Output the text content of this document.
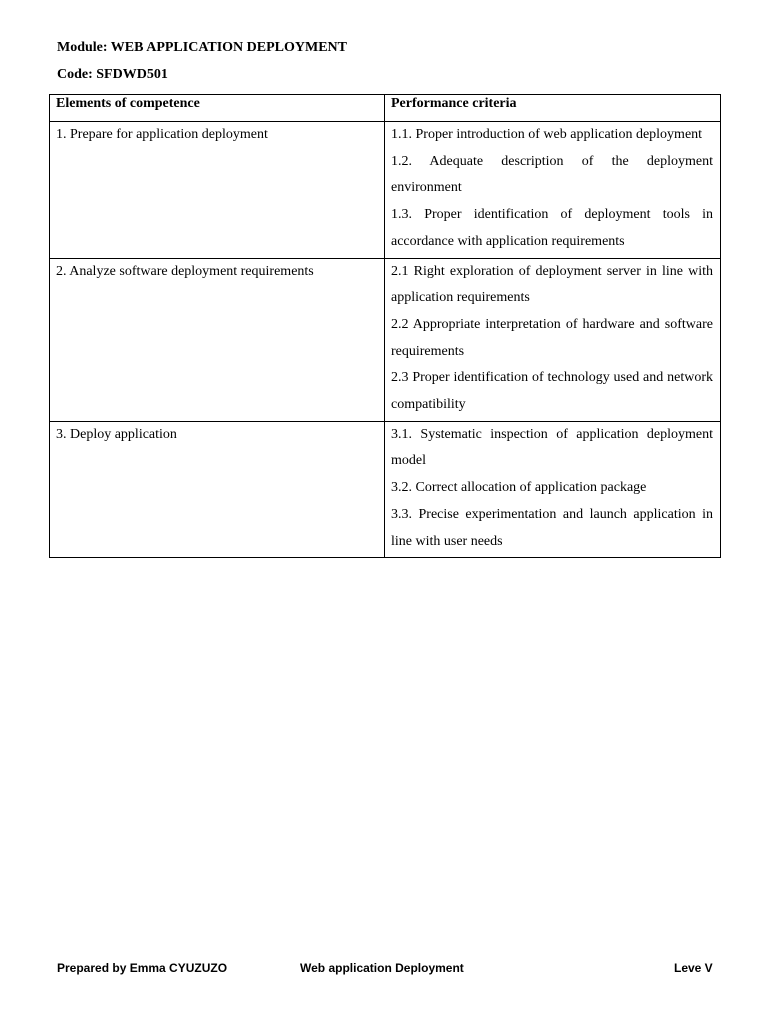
Module: WEB APPLICATION DEPLOYMENT
Code: SFDWD501
Elements of competence	Performance criteria
1. Prepare for application deployment	1.1. Proper introduction of web application deployment
1.2. Adequate description of the deployment environment
1.3. Proper identification of deployment tools in accordance with application requirements

2. Analyze software deployment requirements	2.1 Right exploration of deployment server in line with application requirements
2.2 Appropriate interpretation of hardware and software requirements
2.3 Proper identification of technology used and network compatibility

3. Deploy application	3.1. Systematic inspection of application deployment model
3.2. Correct allocation of application package
3.3. Precise experimentation and launch application in line with user needs
Prepared by Emma CYUZUZO	Web application Deployment	Leve V
